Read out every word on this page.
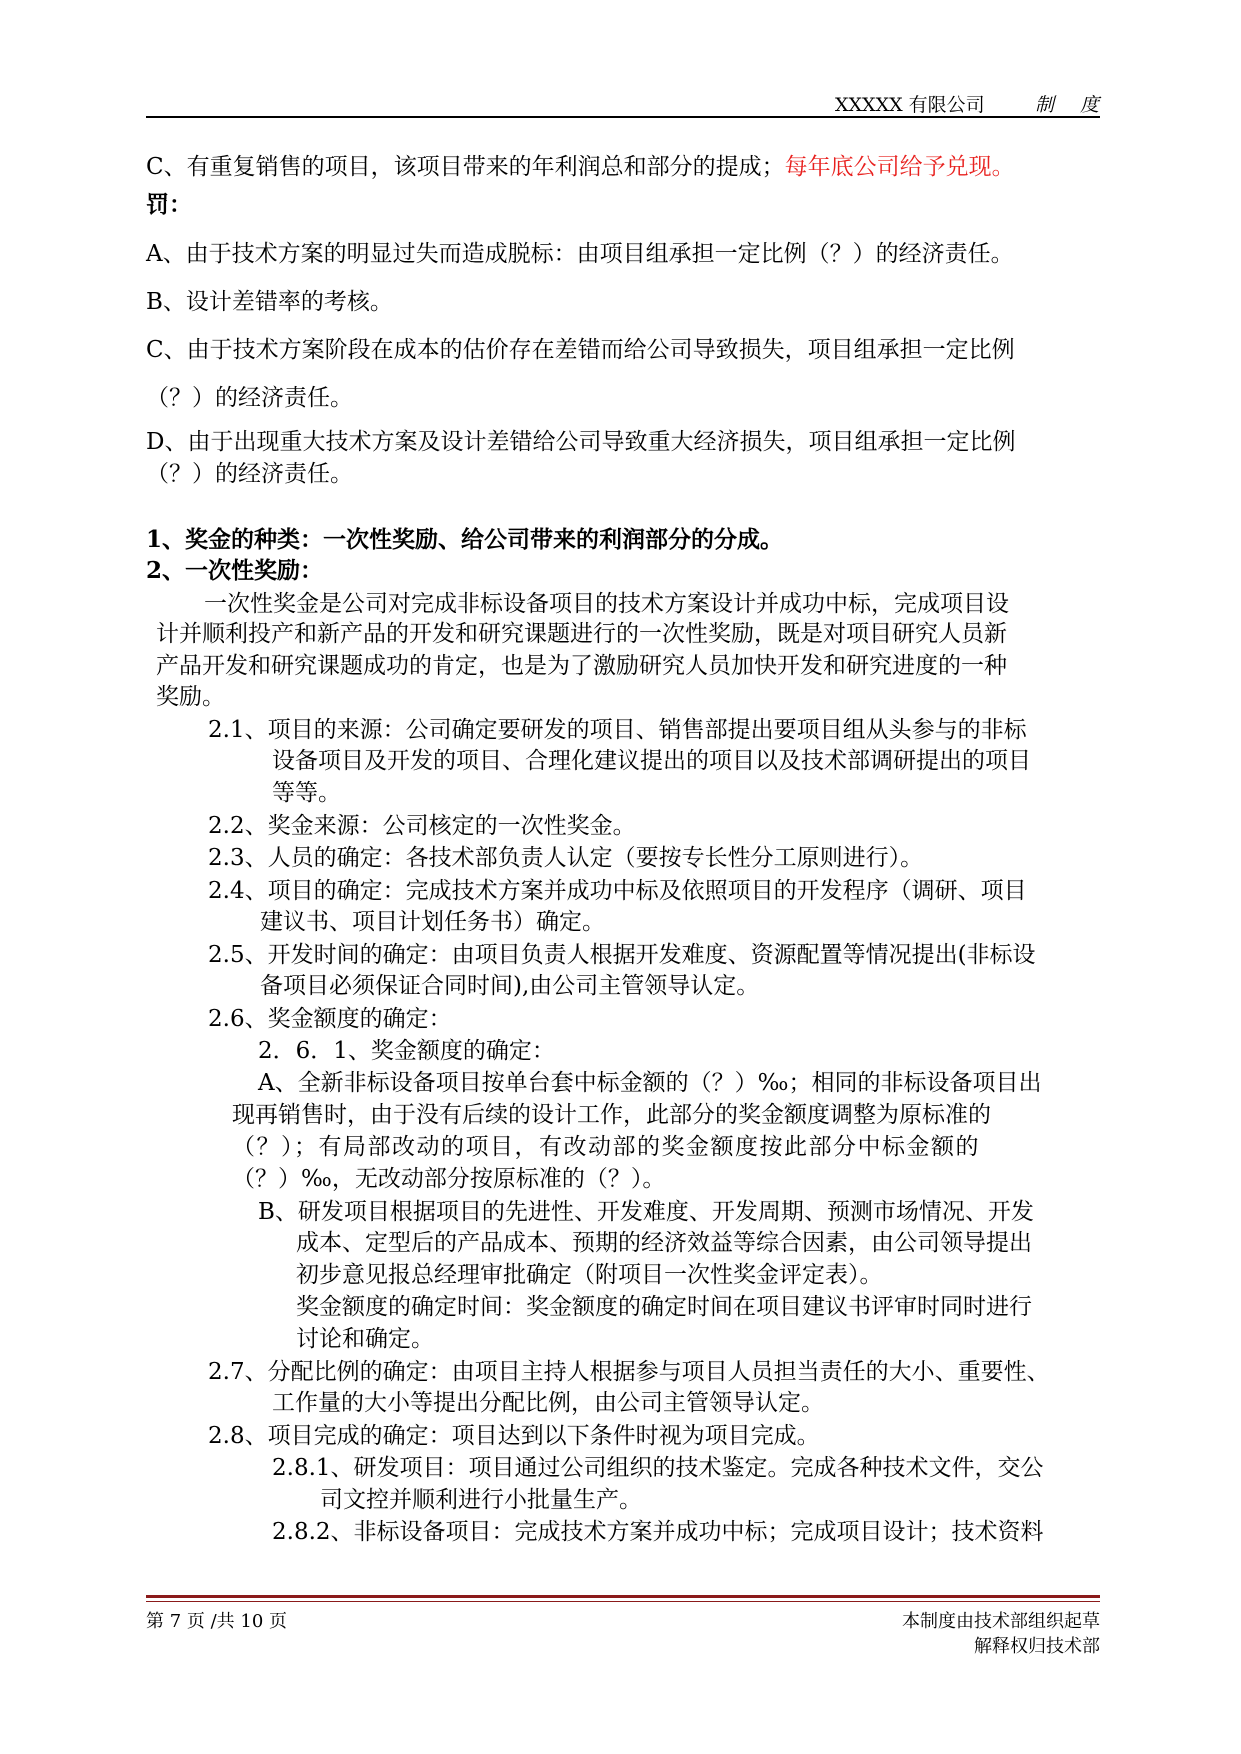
XXXXX 有限公司	制 度
C、有重复销售的项目，该项目带来的年利润总和部分的提成；每年底公司给予兑现。
罚：
A、由于技术方案的明显过失而造成脱标：由项目组承担一定比例（？）的经济责任。
B、设计差错率的考核。
C、由于技术方案阶段在成本的估价存在差错而给公司导致损失，项目组承担一定比例
（？）的经济责任。
D、由于出现重大技术方案及设计差错给公司导致重大经济损失，项目组承担一定比例
（？）的经济责任。
1、奖金的种类：一次性奖励、给公司带来的利润部分的分成。
2、一次性奖励：
一次性奖金是公司对完成非标设备项目的技术方案设计并成功中标，完成项目设
计并顺利投产和新产品的开发和研究课题进行的一次性奖励，既是对项目研究人员新
产品开发和研究课题成功的肯定，也是为了激励研究人员加快开发和研究进度的一种
奖励。
2.1、项目的来源：公司确定要研发的项目、销售部提出要项目组从头参与的非标
设备项目及开发的项目、合理化建议提出的项目以及技术部调研提出的项目
等等。
2.2、奖金来源：公司核定的一次性奖金。
2.3、人员的确定：各技术部负责人认定（要按专长性分工原则进行）。
2.4、项目的确定：完成技术方案并成功中标及依照项目的开发程序（调研、项目
建议书、项目计划任务书）确定。
2.5、开发时间的确定：由项目负责人根据开发难度、资源配置等情况提出(非标设
备项目必须保证合同时间),由公司主管领导认定。
2.6、奖金额度的确定：
2．6．1、奖金额度的确定：
A、全新非标设备项目按单台套中标金额的（？）‰；相同的非标设备项目出
现再销售时，由于没有后续的设计工作，此部分的奖金额度调整为原标准的
（？）；有局部改动的项目，有改动部的奖金额度按此部分中标金额的
（？）‰，无改动部分按原标准的（？）。
B、研发项目根据项目的先进性、开发难度、开发周期、预测市场情况、开发
成本、定型后的产品成本、预期的经济效益等综合因素，由公司领导提出
初步意见报总经理审批确定（附项目一次性奖金评定表）。
奖金额度的确定时间：奖金额度的确定时间在项目建议书评审时同时进行
讨论和确定。
2.7、分配比例的确定：由项目主持人根据参与项目人员担当责任的大小、重要性、
工作量的大小等提出分配比例，由公司主管领导认定。
2.8、项目完成的确定：项目达到以下条件时视为项目完成。
2.8.1、研发项目：项目通过公司组织的技术鉴定。完成各种技术文件，交公
司文控并顺利进行小批量生产。
2.8.2、非标设备项目：完成技术方案并成功中标；完成项目设计；技术资料
第 7 页 /共 10 页	本制度由技术部组织起草
解释权归技术部
